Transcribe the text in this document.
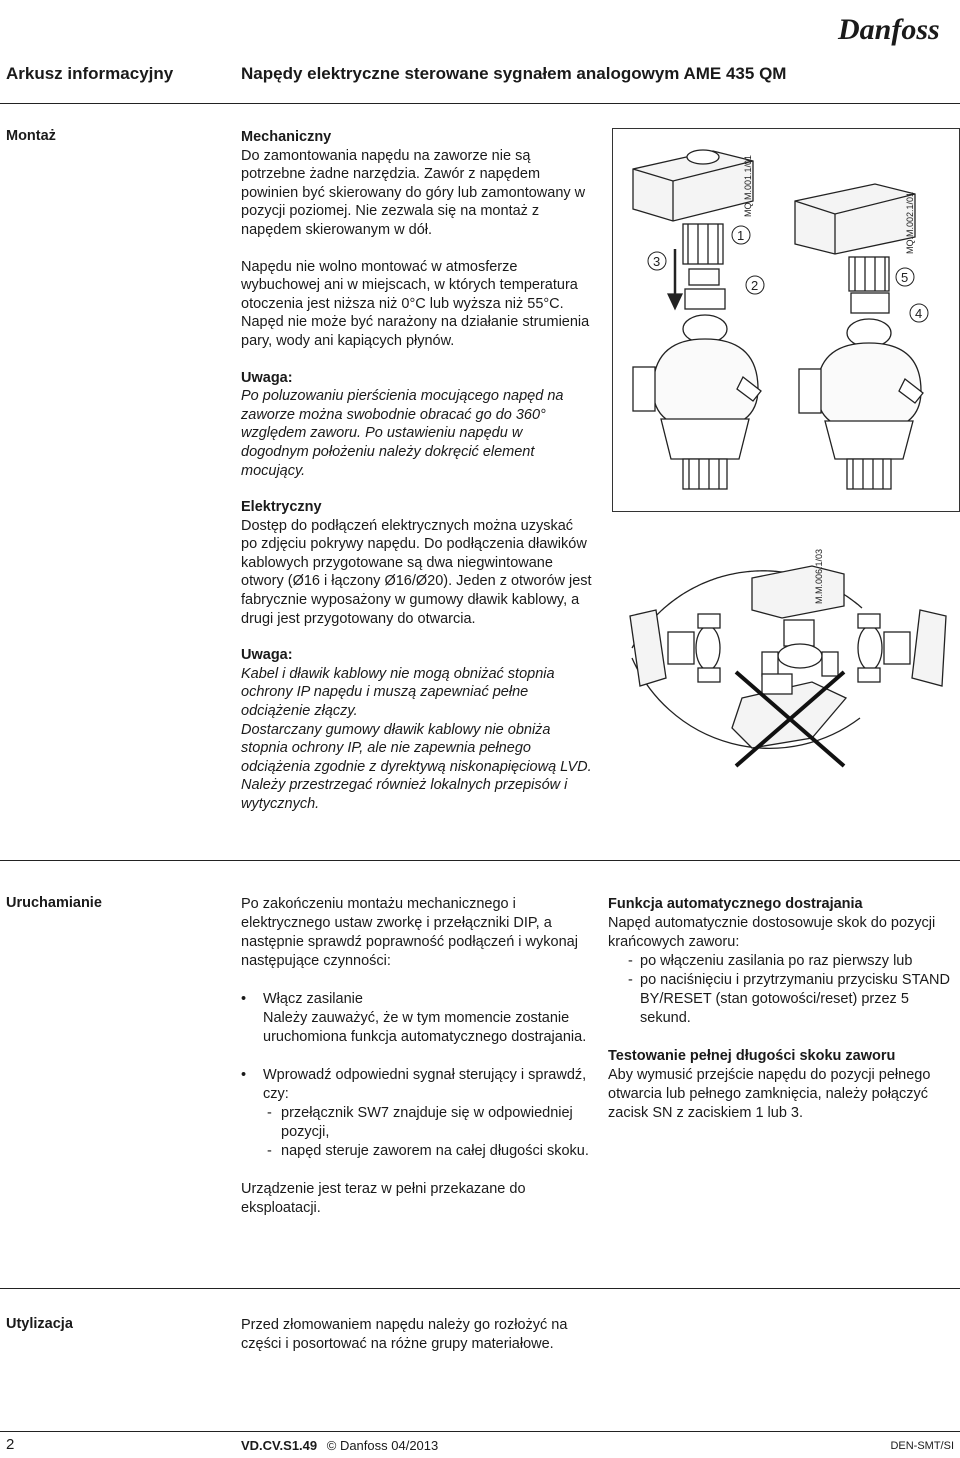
Danfoss
Arkusz informacyjny	Napędy elektryczne sterowane sygnałem analogowym AME 435 QM
Montaż	Mechaniczny

Do zamontowania napędu na zaworze nie są potrzebne żadne narzędzia. Zawór z napędem powinien być skierowany do góry lub zamontowany w pozycji poziomej. Nie zezwala się na montaż z napędem skierowanym w dół.

Napędu nie wolno montować w atmosferze wybuchowej ani w miejscach, w których temperatura otoczenia jest niższa niż 0°C lub wyższa niż 55°C. Napęd nie może być narażony na działanie strumienia pary, wody ani kapiących płynów.

Uwaga:

Po poluzowaniu pierścienia mocującego napęd na zaworze można swobodnie obracać go do 360° względem zaworu. Po ustawieniu napędu w dogodnym położeniu należy dokręcić element mocujący.

Elektryczny

Dostęp do podłączeń elektrycznych można uzyskać po zdjęciu pokrywy napędu. Do podłączenia dławików kablowych przygotowane są dwa niegwintowane otwory (Ø16 i łączony Ø16/Ø20). Jeden z otworów jest fabrycznie wyposażony w gumowy dławik kablowy, a drugi jest przygotowany do otwarcia.

Uwaga:

Kabel i dławik kablowy nie mogą obniżać stopnia ochrony IP napędu i muszą zapewniać pełne odciążenie złączy.

Dostarczany gumowy dławik kablowy nie obniża stopnia ochrony IP, ale nie zapewnia pełnego odciążenia zgodnie z dyrektywą niskonapięciową LVD.

Należy przestrzegać również lokalnych przepisów i wytycznych.

3
1
2
5
4
MQ.M.001.1/01
MQ.M.002.1/01
M.M.006.1/03
Uruchamianie	Po zakończeniu montażu mechanicznego i elektrycznego ustaw zworkę i przełączniki DIP, a następnie sprawdź poprawność podłączeń i wykonaj następujące czynności:
• Włącz zasilanie
Należy zauważyć, że w tym momencie zostanie uruchomiona funkcja automatycznego dostrajania.
• Wprowadź odpowiedni sygnał sterujący i sprawdź, czy:
- przełącznik SW7 znajduje się w odpowiedniej pozycji,
- napęd steruje zaworem na całej długości skoku.
Urządzenie jest teraz w pełni przekazane do eksploatacji.
Funkcja automatycznego dostrajania
Napęd automatycznie dostosowuje skok do pozycji krańcowych zaworu:
- po włączeniu zasilania po raz pierwszy lub
- po naciśnięciu i przytrzymaniu przycisku STAND BY/RESET (stan gotowości/reset) przez 5 sekund.
Testowanie pełnej długości skoku zaworu
Aby wymusić przejście napędu do pozycji pełnego otwarcia lub pełnego zamknięcia, należy połączyć zacisk SN z zaciskiem 1 lub 3.
Utylizacja	Przed złomowaniem napędu należy go rozłożyć na części i posortować na różne grupy materiałowe.
2	VD.CV.S1.49 © Danfoss 04/2013	DEN-SMT/SI
